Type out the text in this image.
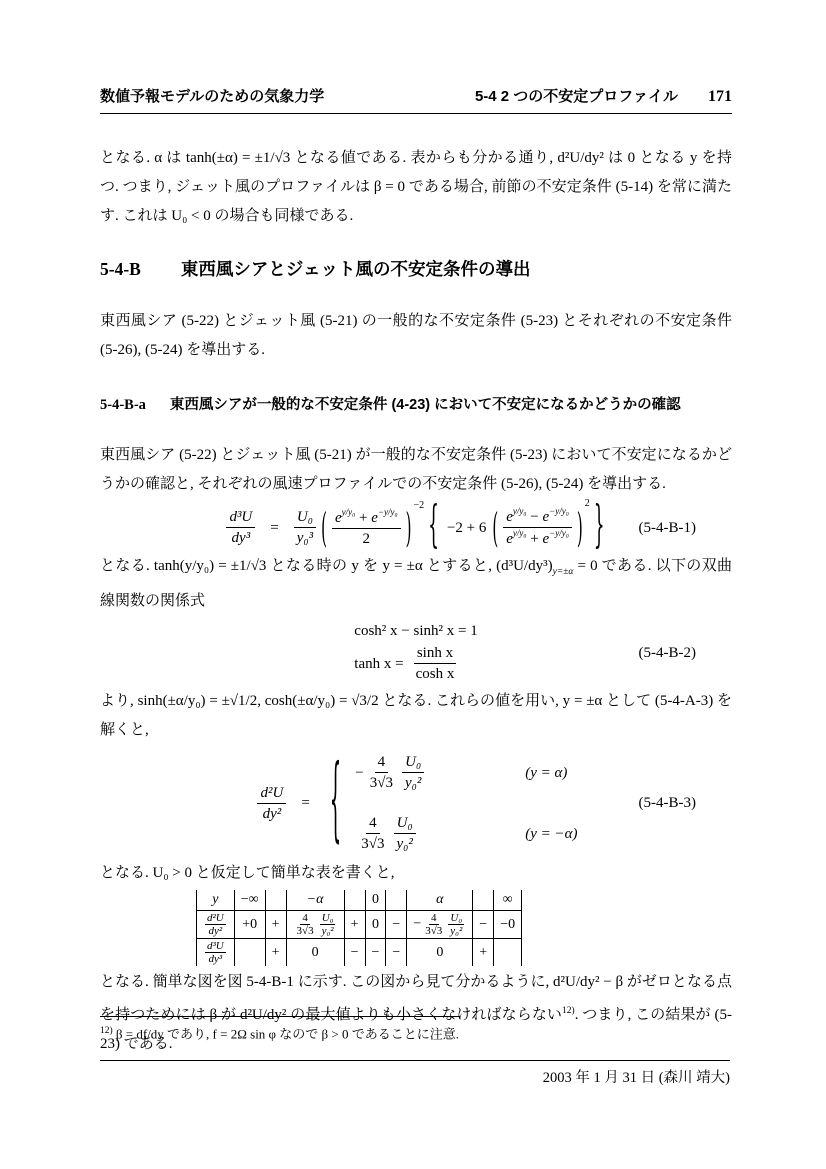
数値予報モデルのための気象力学	5-4 2 つの不安定プロファイル 171

となる. α は tanh(±α) = ±1/√3 となる値である. 表からも分かる通り, d²U/dy² は 0 となる y を持つ. つまり, ジェット風のプロファイルは β = 0 である場合, 前節の不安定条件 (5-14) を常に満たす. これは U₀ < 0 の場合も同様である.

5-4-B 東西風シアとジェット風の不安定条件の導出

東西風シア (5-22) とジェット風 (5-21) の一般的な不安定条件 (5-23) とそれぞれの不安定条件 (5-26), (5-24) を導出する.

5-4-B-a 東西風シアが一般的な不安定条件 (4-23) において不安定になるかどうかの確認

東西風シア (5-22) とジェット風 (5-21) が一般的な不安定条件 (5-23) において不安定になるかどうかの確認と, それぞれの風速プロファイルでの不安定条件 (5-26), (5-24) を導出する.

$\frac{\text{d³U}}{\text{dy³}} = \frac{\text{U₀}}{\text{y₀³}}$ ( $\frac{e^{y/y_0} + e^{-y/y_0}}{2} )^{-2}$ { −2 + 6 ( $\frac{e^{y/y_0} - e^{-y/y_0}}{e^{y/y_0} + e^{-y/y_0}}$ )
$^2$ } (5-4-B-1)

となる. tanh(y/y₀) = ±1/√3 となる時の y を y = ±α とすると, $(d^3U/dy^3)_{y=\pm\alpha} = 0$ である. 以下の双曲線関数の関係式

cosh² x − sinh² x = 1
$\tanh x = \frac{\text{sinh x}}{\text{cosh x}}$	(5-4-B-2)

より, sinh(±α/y₀) = ±√1/2, cosh(±α/y₀) = √3/2 となる. これらの値を用い, y = ±α として (5-4-A-3) を解くと,

$\frac{\text{d²U}}{\text{dy²}}$ = { − $\frac{4}{3√3} \frac{\text{U₀}}{\text{y₀²}}$	(y = α)
$\frac{4}{3√3} \frac{\text{U₀}}{\text{y₀²}}$	(y = −α)
(5-4-B-3)

となる. U₀ > 0 と仮定して簡単な表を書くと,

y	−∞		−α		0		α		∞

$\frac{\text{d²U}}{\text{dy²}}$	+0	+	$\frac{4}{3√3} \frac{\text{U₀}}{\text{y₀²}}$	+	0	−	− $\frac{4}{3√3} \frac{\text{U₀}}{\text{y₀²}}$	−	−0

$\frac{\text{d³U}}{\text{dy³}}$		+	0	−	−	−	0	+	

となる. 簡単な図を図 5-4-B-1 に示す. この図から見て分かるように, d²U/dy² − β がゼロとなる点を持つためには β が d²U/dy² の最大値よりも小さくなければならない$^{12)}$. つまり, この結果が (5-23) である.

$^{12)}$ β = df/dy であり, f = 2Ω sin φ なので β > 0 であることに注意.
2003 年 1 月 31 日 (森川 靖大)
